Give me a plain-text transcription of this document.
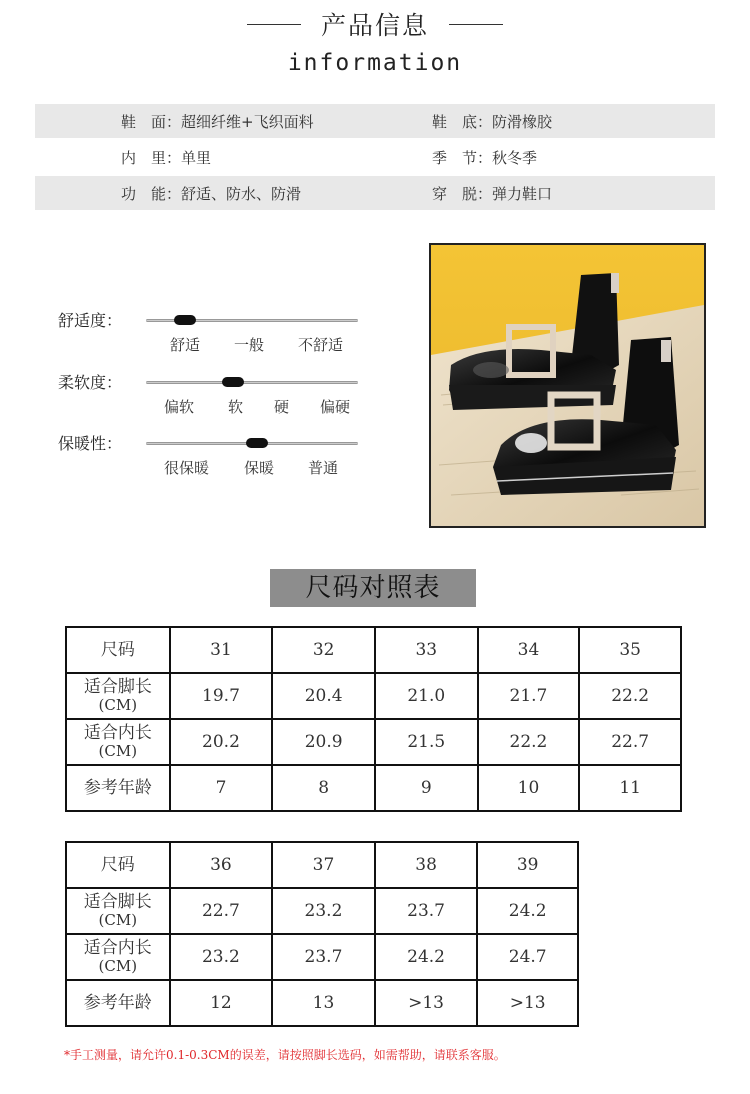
产品信息
information
鞋　面： 超细纤维+飞织面料	鞋　底： 防滑橡胶
内　里： 单里	季　节： 秋冬季
功　能： 舒适、防水、防滑	穿　脱： 弹力鞋口
舒适度：
舒适 一般 不舒适
柔软度：
偏软 软 硬 偏硬
保暖性：
很保暖 保暖 普通
尺码对照表
尺码	31	32	33	34	35
适合脚长
(CM)	19.7	20.4	21.0	21.7	22.2
适合内长
(CM)	20.2	20.9	21.5	22.2	22.7
参考年龄	7	8	9	10	11
尺码	36	37	38	39
适合脚长
(CM)	22.7	23.2	23.7	24.2
适合内长
(CM)	23.2	23.7	24.2	24.7
参考年龄	12	13	>13	>13
*手工测量，请允许0.1-0.3CM的误差，请按照脚长选码，如需帮助，请联系客服。
